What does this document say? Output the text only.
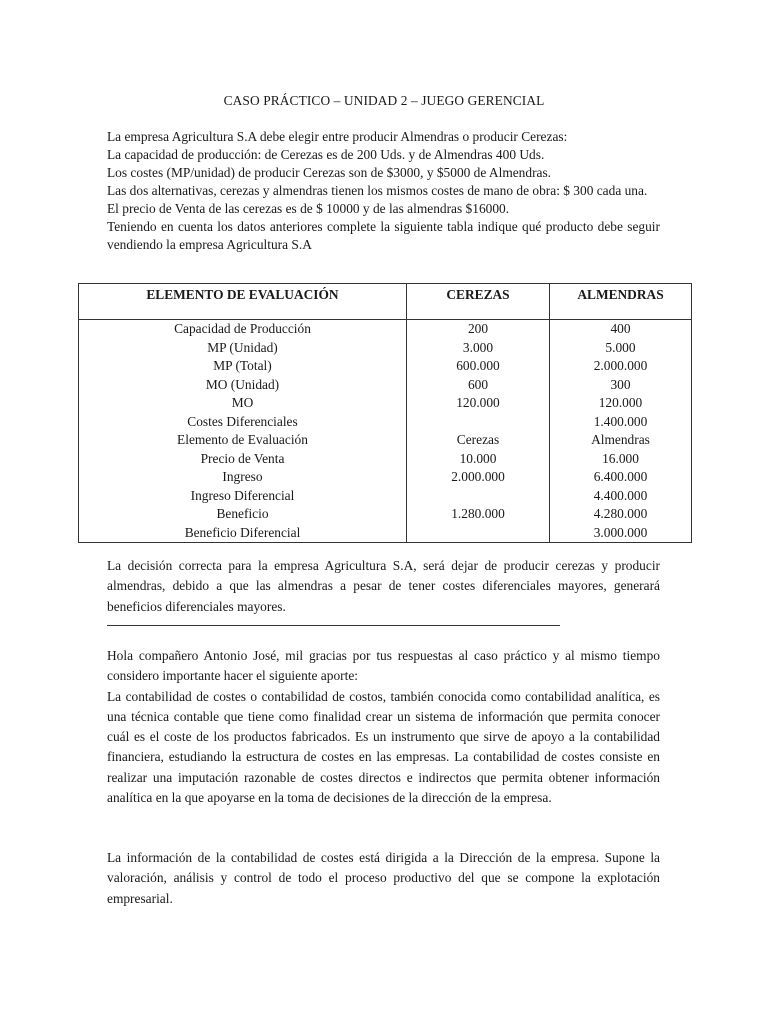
CASO PRÁCTICO – UNIDAD 2 – JUEGO GERENCIAL

La empresa Agricultura S.A debe elegir entre producir Almendras o producir Cerezas:

La capacidad de producción: de Cerezas es de 200 Uds. y de Almendras 400 Uds.

Los costes (MP/unidad) de producir Cerezas son de $3000, y $5000 de Almendras.

Las dos alternativas, cerezas y almendras tienen los mismos costes de mano de obra: $ 300 cada una.

El precio de Venta de las cerezas es de $ 10000 y de las almendras $16000.

Teniendo en cuenta los datos anteriores complete la siguiente tabla indique qué producto debe seguir vendiendo la empresa Agricultura S.A

ELEMENTO DE EVALUACIÓN	CEREZAS	ALMENDRAS
Capacidad de Producción	200	400
MP (Unidad)	3.000	5.000
MP (Total)	600.000	2.000.000
MO (Unidad)	600	300
MO	120.000	120.000
Costes Diferenciales		1.400.000
Elemento de Evaluación	Cerezas	Almendras
Precio de Venta	10.000	16.000
Ingreso	2.000.000	6.400.000
Ingreso Diferencial		4.400.000
Beneficio	1.280.000	4.280.000
Beneficio Diferencial		3.000.000

La decisión correcta para la empresa Agricultura S.A, será dejar de producir cerezas y producir almendras, debido a que las almendras a pesar de tener costes diferenciales mayores, generará beneficios diferenciales mayores.

Hola compañero Antonio José, mil gracias por tus respuestas al caso práctico y al mismo tiempo considero importante hacer el siguiente aporte:

La contabilidad de costes o contabilidad de costos, también conocida como contabilidad analítica, es una técnica contable que tiene como finalidad crear un sistema de información que permita conocer cuál es el coste de los productos fabricados. Es un instrumento que sirve de apoyo a la contabilidad financiera, estudiando la estructura de costes en las empresas. La contabilidad de costes consiste en realizar una imputación razonable de costes directos e indirectos que permita obtener información analítica en la que apoyarse en la toma de decisiones de la dirección de la empresa.

La información de la contabilidad de costes está dirigida a la Dirección de la empresa. Supone la valoración, análisis y control de todo el proceso productivo del que se compone la explotación empresarial.
